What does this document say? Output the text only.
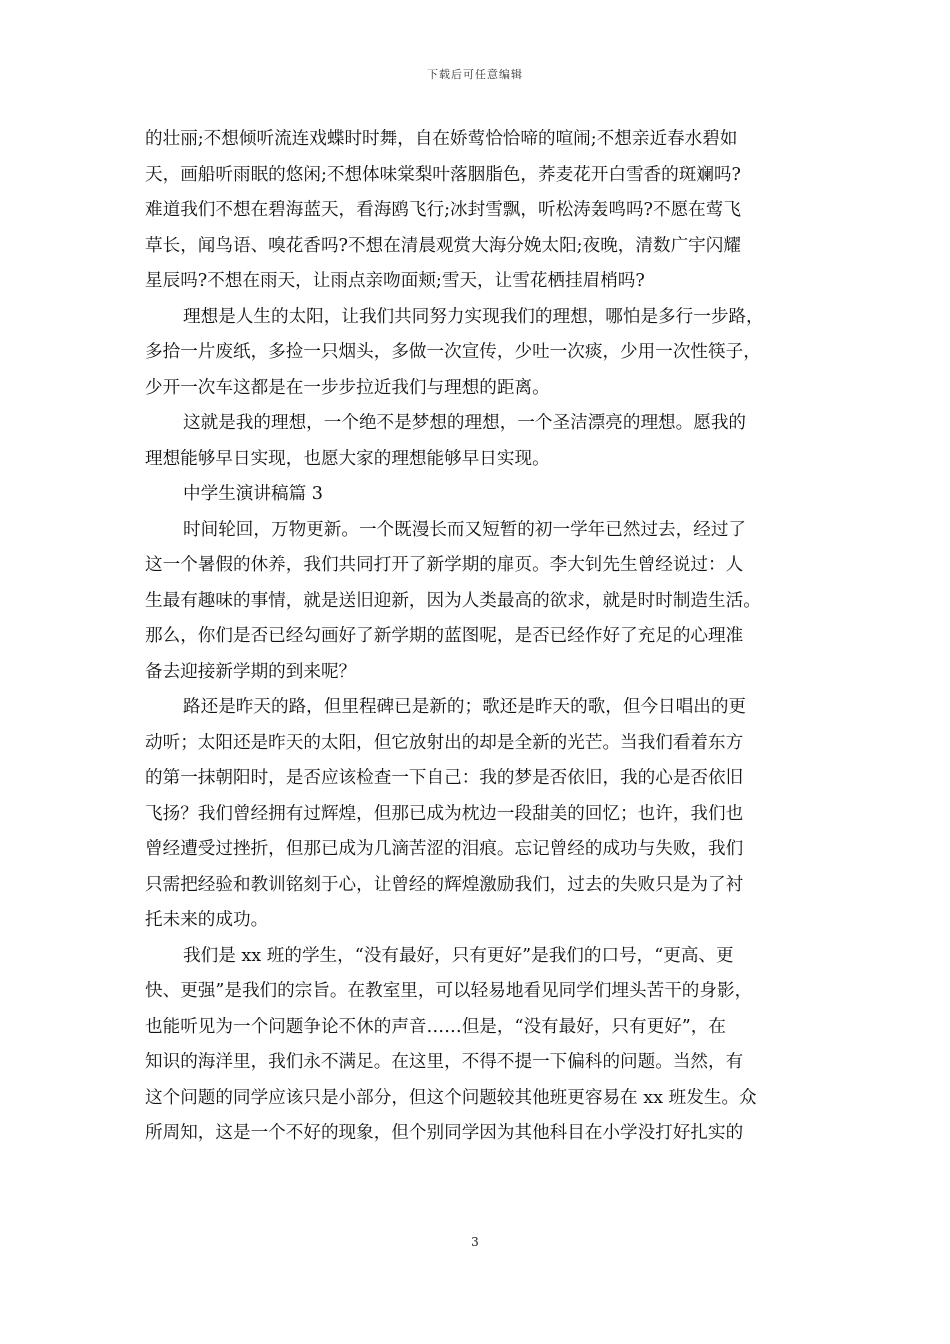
下载后可任意编辑
的壮丽;不想倾听流连戏蝶时时舞，自在娇莺恰恰啼的喧闹;不想亲近春水碧如
天，画船听雨眠的悠闲;不想体味棠梨叶落胭脂色，荞麦花开白雪香的斑斓吗?
难道我们不想在碧海蓝天，看海鸥飞行;冰封雪飘，听松涛轰鸣吗?不愿在莺飞
草长，闻鸟语、嗅花香吗?不想在清晨观赏大海分娩太阳;夜晚，清数广宇闪耀
星辰吗?不想在雨天，让雨点亲吻面颊;雪天，让雪花栖挂眉梢吗?
理想是人生的太阳，让我们共同努力实现我们的理想，哪怕是多行一步路，
多拾一片废纸，多捡一只烟头，多做一次宣传，少吐一次痰，少用一次性筷子，
少开一次车这都是在一步步拉近我们与理想的距离。
这就是我的理想，一个绝不是梦想的理想，一个圣洁漂亮的理想。愿我的
理想能够早日实现，也愿大家的理想能够早日实现。
中学生演讲稿篇 3
时间轮回，万物更新。一个既漫长而又短暂的初一学年已然过去，经过了
这一个暑假的休养，我们共同打开了新学期的扉页。李大钊先生曾经说过：人
生最有趣味的事情，就是送旧迎新，因为人类最高的欲求，就是时时制造生活。
那么，你们是否已经勾画好了新学期的蓝图呢，是否已经作好了充足的心理准
备去迎接新学期的到来呢？
路还是昨天的路，但里程碑已是新的；歌还是昨天的歌，但今日唱出的更
动听；太阳还是昨天的太阳，但它放射出的却是全新的光芒。当我们看着东方
的第一抹朝阳时，是否应该检查一下自己：我的梦是否依旧，我的心是否依旧
飞扬？我们曾经拥有过辉煌，但那已成为枕边一段甜美的回忆；也许，我们也
曾经遭受过挫折，但那已成为几滴苦涩的泪痕。忘记曾经的成功与失败，我们
只需把经验和教训铭刻于心，让曾经的辉煌激励我们，过去的失败只是为了衬
托未来的成功。
我们是 xx 班的学生，“没有最好，只有更好”是我们的口号，“更高、更
快、更强”是我们的宗旨。在教室里，可以轻易地看见同学们埋头苦干的身影，
也能听见为一个问题争论不休的声音……但是，“没有最好，只有更好”，在
知识的海洋里，我们永不满足。在这里，不得不提一下偏科的问题。当然，有
这个问题的同学应该只是小部分，但这个问题较其他班更容易在 xx 班发生。众
所周知，这是一个不好的现象，但个别同学因为其他科目在小学没打好扎实的
3
